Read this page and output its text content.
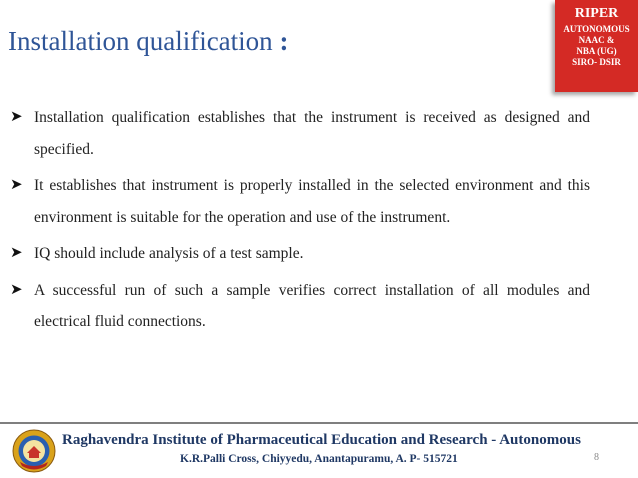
Installation qualification :
RIPER
AUTONOMOUS
NAAC &
NBA (UG)
SIRO- DSIR
➤ Installation qualification establishes that the instrument is received as designed and specified.
➤ It establishes that instrument is properly installed in the selected environment and this environment is suitable for the operation and use of the instrument.
➤ IQ should include analysis of a test sample.
➤ A successful run of such a sample verifies correct installation of all modules and electrical fluid connections.
Raghavendra Institute of Pharmaceutical Education and Research - Autonomous
K.R.Palli Cross, Chiyyedu, Anantapuramu, A. P- 515721	8
